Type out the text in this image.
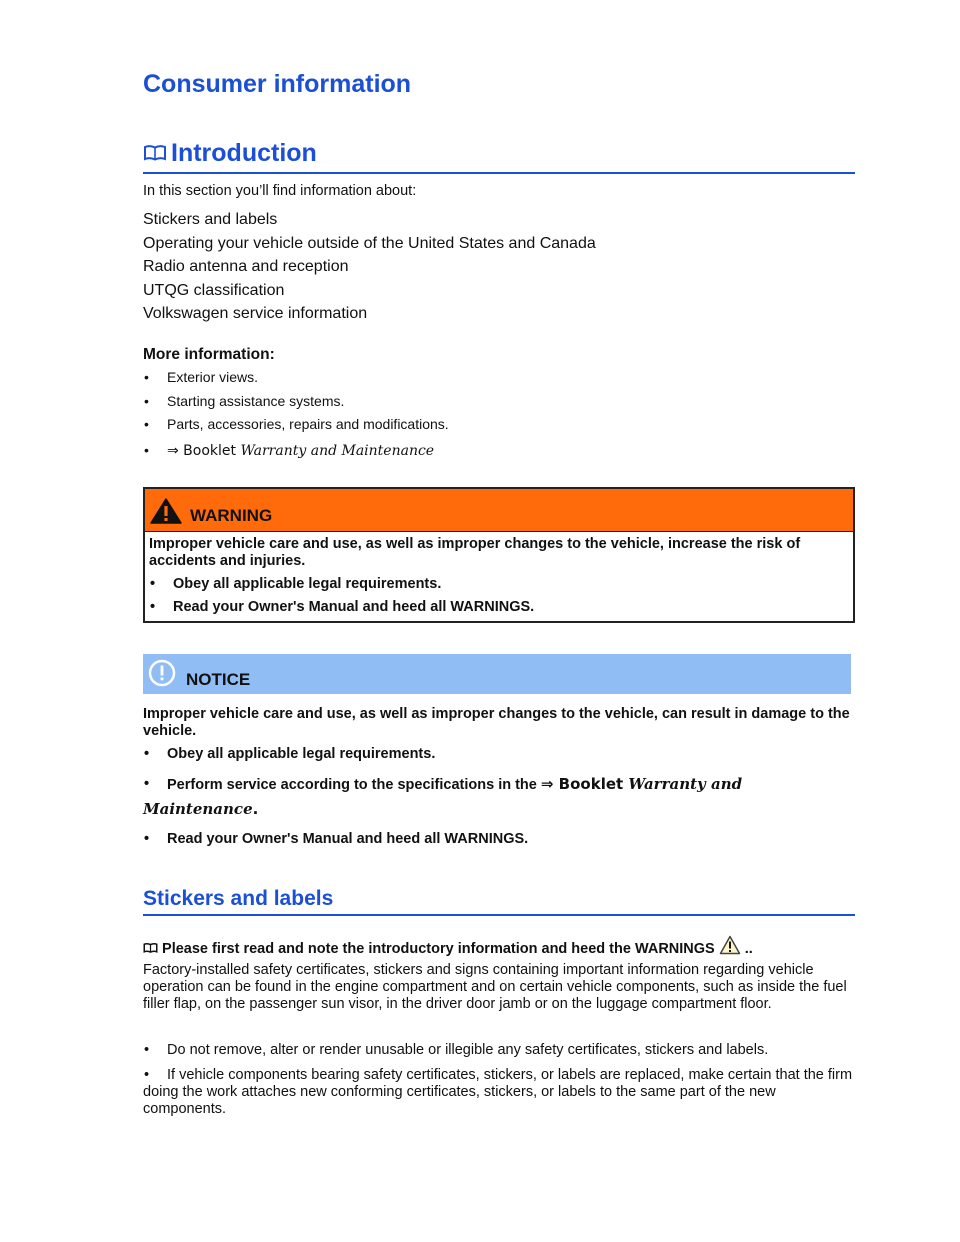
Consumer information
Introduction
In this section you’ll find information about:
Stickers and labels
Operating your vehicle outside of the United States and Canada
Radio antenna and reception
UTQG classification
Volkswagen service information
More information:
• Exterior views.
• Starting assistance systems.
• Parts, accessories, repairs and modifications.
• ⇒ Booklet Warranty and Maintenance
WARNING
Improper vehicle care and use, as well as improper changes to the vehicle, increase the risk of accidents and injuries.
• Obey all applicable legal requirements.
• Read your Owner's Manual and heed all WARNINGS.
NOTICE
Improper vehicle care and use, as well as improper changes to the vehicle, can result in damage to the vehicle.
• Obey all applicable legal requirements.
• Perform service according to the specifications in the ⇒ Booklet Warranty and
Maintenance.
• Read your Owner's Manual and heed all WARNINGS.
Stickers and labels
Please first read and note the introductory information and heed the WARNINGS ..
Factory-installed safety certificates, stickers and signs containing important information regarding vehicle operation can be found in the engine compartment and on certain vehicle components, such as inside the fuel filler flap, on the passenger sun visor, in the driver door jamb or on the luggage compartment floor.
• Do not remove, alter or render unusable or illegible any safety certificates, stickers and labels.
• If vehicle components bearing safety certificates, stickers, or labels are replaced, make certain that the firm doing the work attaches new conforming certificates, stickers, or labels to the same part of the new components.
